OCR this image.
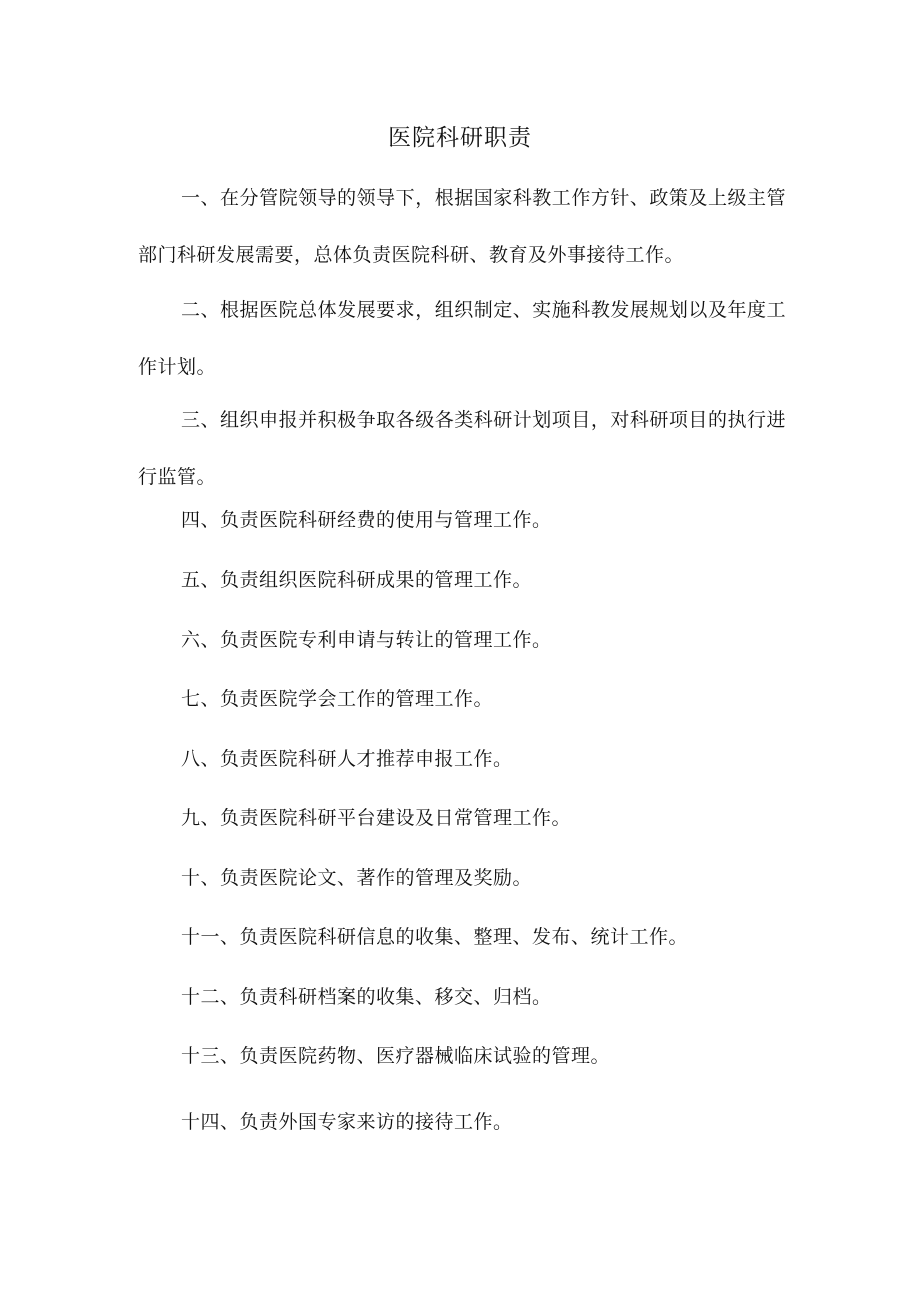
医院科研职责

一、在分管院领导的领导下，根据国家科教工作方针、政策及上级主管部门科研发展需要，总体负责医院科研、教育及外事接待工作。

二、根据医院总体发展要求，组织制定、实施科教发展规划以及年度工作计划。

三、组织申报并积极争取各级各类科研计划项目，对科研项目的执行进行监管。

四、负责医院科研经费的使用与管理工作。

五、负责组织医院科研成果的管理工作。

六、负责医院专利申请与转让的管理工作。

七、负责医院学会工作的管理工作。

八、负责医院科研人才推荐申报工作。

九、负责医院科研平台建设及日常管理工作。

十、负责医院论文、著作的管理及奖励。

十一、负责医院科研信息的收集、整理、发布、统计工作。

十二、负责科研档案的收集、移交、归档。

十三、负责医院药物、医疗器械临床试验的管理。

十四、负责外国专家来访的接待工作。
